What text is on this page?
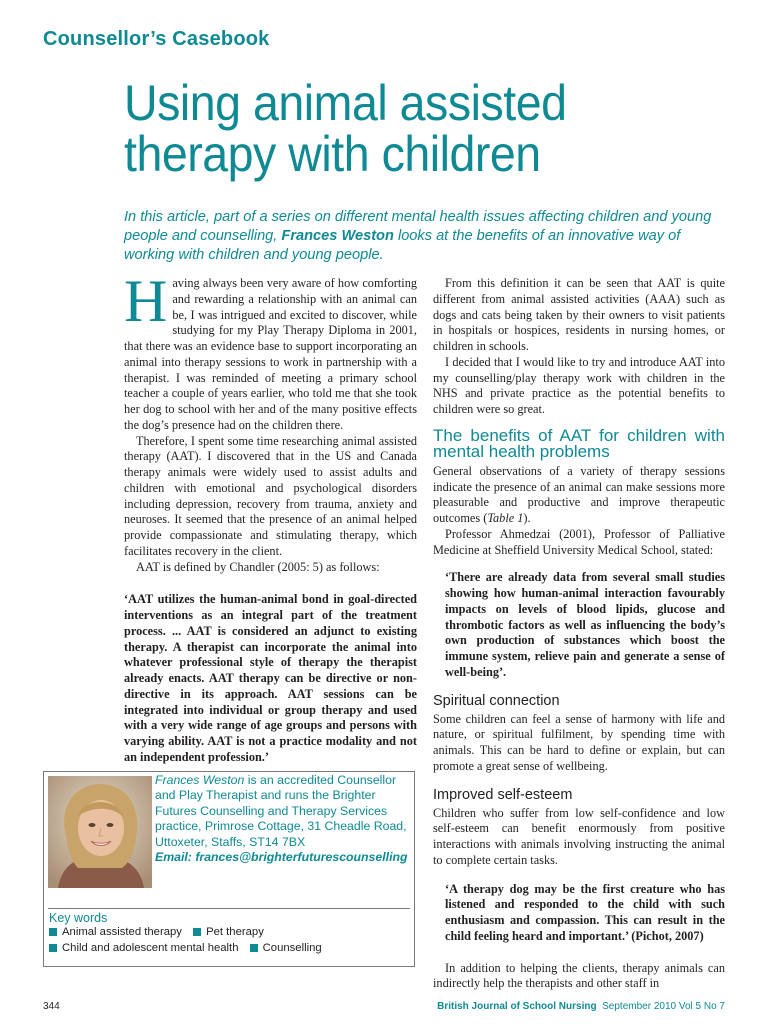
Counsellor’s Casebook
Using animal assisted therapy with children
In this article, part of a series on different mental health issues affecting children and young people and counselling, Frances Weston looks at the benefits of an innovative way of working with children and young people.

Having always been very aware of how comforting and rewarding a relationship with an animal can be, I was intrigued and excited to discover, while studying for my Play Therapy Diploma in 2001, that there was an evidence base to support incorporating an animal into therapy sessions to work in partnership with a therapist. I was reminded of meeting a primary school teacher a couple of years earlier, who told me that she took her dog to school with her and of the many positive effects the dog’s presence had on the children there.

Therefore, I spent some time researching animal assisted therapy (AAT). I discovered that in the US and Canada therapy animals were widely used to assist adults and children with emotional and psychological disorders including depression, recovery from trauma, anxiety and neuroses. It seemed that the presence of an animal helped provide compassionate and stimulating therapy, which facilitates recovery in the client.

AAT is defined by Chandler (2005: 5) as follows:

‘AAT utilizes the human-animal bond in goal-directed interventions as an integral part of the treatment process. ... AAT is considered an adjunct to existing therapy. A therapist can incorporate the animal into whatever professional style of therapy the therapist already enacts. AAT therapy can be directive or non-directive in its approach. AAT sessions can be integrated into individual or group therapy and used with a very wide range of age groups and persons with varying ability. AAT is not a practice modality and not an independent profession.’

From this definition it can be seen that AAT is quite different from animal assisted activities (AAA) such as dogs and cats being taken by their owners to visit patients in hospitals or hospices, residents in nursing homes, or children in schools.

I decided that I would like to try and introduce AAT into my counselling/play therapy work with children in the NHS and private practice as the potential benefits to children were so great.

The benefits of AAT for children with mental health problems

General observations of a variety of therapy sessions indicate the presence of an animal can make sessions more pleasurable and productive and improve therapeutic outcomes (Table 1).

Professor Ahmedzai (2001), Professor of Palliative Medicine at Sheffield University Medical School, stated:

‘There are already data from several small studies showing how human-animal interaction favourably impacts on levels of blood lipids, glucose and thrombotic factors as well as influencing the body’s own production of substances which boost the immune system, relieve pain and generate a sense of well-being’.
Spiritual connection

Some children can feel a sense of harmony with life and nature, or spiritual fulfilment, by spending time with animals. This can be hard to define or explain, but can promote a great sense of wellbeing.

Improved self-esteem

Children who suffer from low self-confidence and low self-esteem can benefit enormously from positive interactions with animals involving instructing the animal to complete certain tasks.

‘A therapy dog may be the first creature who has listened and responded to the child with such enthusiasm and compassion. This can result in the child feeling heard and important.’ (Pichot, 2007)

In addition to helping the clients, therapy animals can indirectly help the therapists and other staff in

Frances Weston is an accredited Counsellor and Play Therapist and runs the Brighter Futures Counselling and Therapy Services practice, Primrose Cottage, 31 Cheadle Road, Uttoxeter, Staffs, ST14 7BX
Email: frances@brighterfuturescounselling
Key words
Animal assisted therapy Pet therapy
Child and adolescent mental health Counselling
344	British Journal of School Nursing September 2010 Vol 5 No 7
